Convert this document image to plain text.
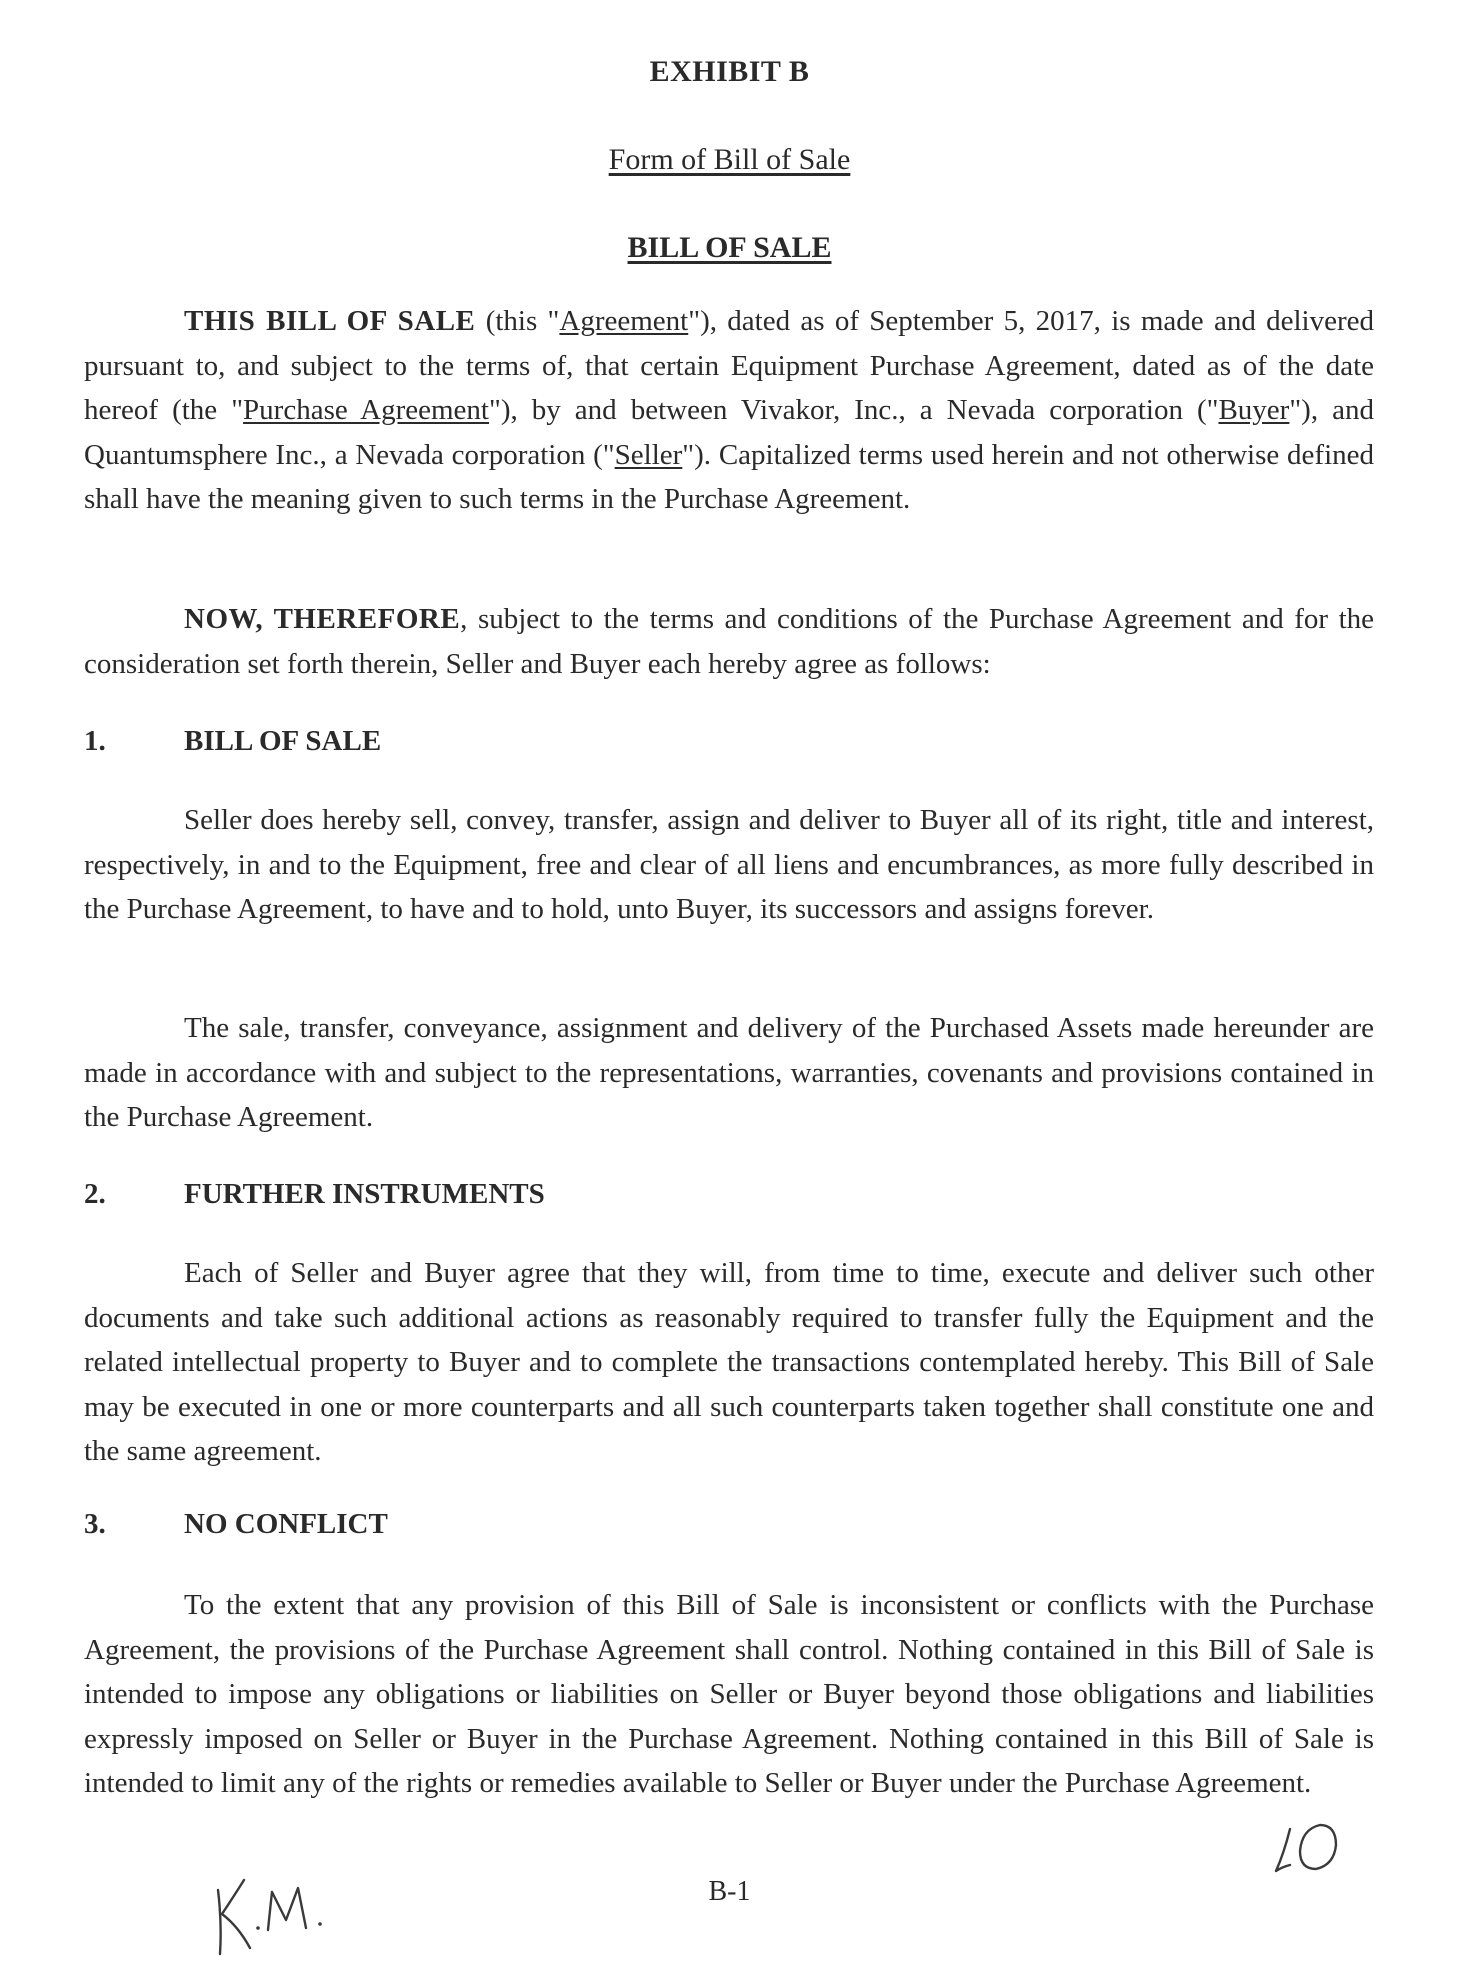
EXHIBIT B
Form of Bill of Sale
BILL OF SALE

THIS BILL OF SALE (this "Agreement"), dated as of September 5, 2017, is made and delivered pursuant to, and subject to the terms of, that certain Equipment Purchase Agreement, dated as of the date hereof (the "Purchase Agreement"), by and between Vivakor, Inc., a Nevada corporation ("Buyer"), and Quantumsphere Inc., a Nevada corporation ("Seller"). Capitalized terms used herein and not otherwise defined shall have the meaning given to such terms in the Purchase Agreement.

NOW, THEREFORE, subject to the terms and conditions of the Purchase Agreement and for the consideration set forth therein, Seller and Buyer each hereby agree as follows:

1.	BILL OF SALE

Seller does hereby sell, convey, transfer, assign and deliver to Buyer all of its right, title and interest, respectively, in and to the Equipment, free and clear of all liens and encumbrances, as more fully described in the Purchase Agreement, to have and to hold, unto Buyer, its successors and assigns forever.

The sale, transfer, conveyance, assignment and delivery of the Purchased Assets made hereunder are made in accordance with and subject to the representations, warranties, covenants and provisions contained in the Purchase Agreement.

2.	FURTHER INSTRUMENTS

Each of Seller and Buyer agree that they will, from time to time, execute and deliver such other documents and take such additional actions as reasonably required to transfer fully the Equipment and the related intellectual property to Buyer and to complete the transactions contemplated hereby. This Bill of Sale may be executed in one or more counterparts and all such counterparts taken together shall constitute one and the same agreement.

3.	NO CONFLICT

To the extent that any provision of this Bill of Sale is inconsistent or conflicts with the Purchase Agreement, the provisions of the Purchase Agreement shall control. Nothing contained in this Bill of Sale is intended to impose any obligations or liabilities on Seller or Buyer beyond those obligations and liabilities expressly imposed on Seller or Buyer in the Purchase Agreement. Nothing contained in this Bill of Sale is intended to limit any of the rights or remedies available to Seller or Buyer under the Purchase Agreement.

B-1
